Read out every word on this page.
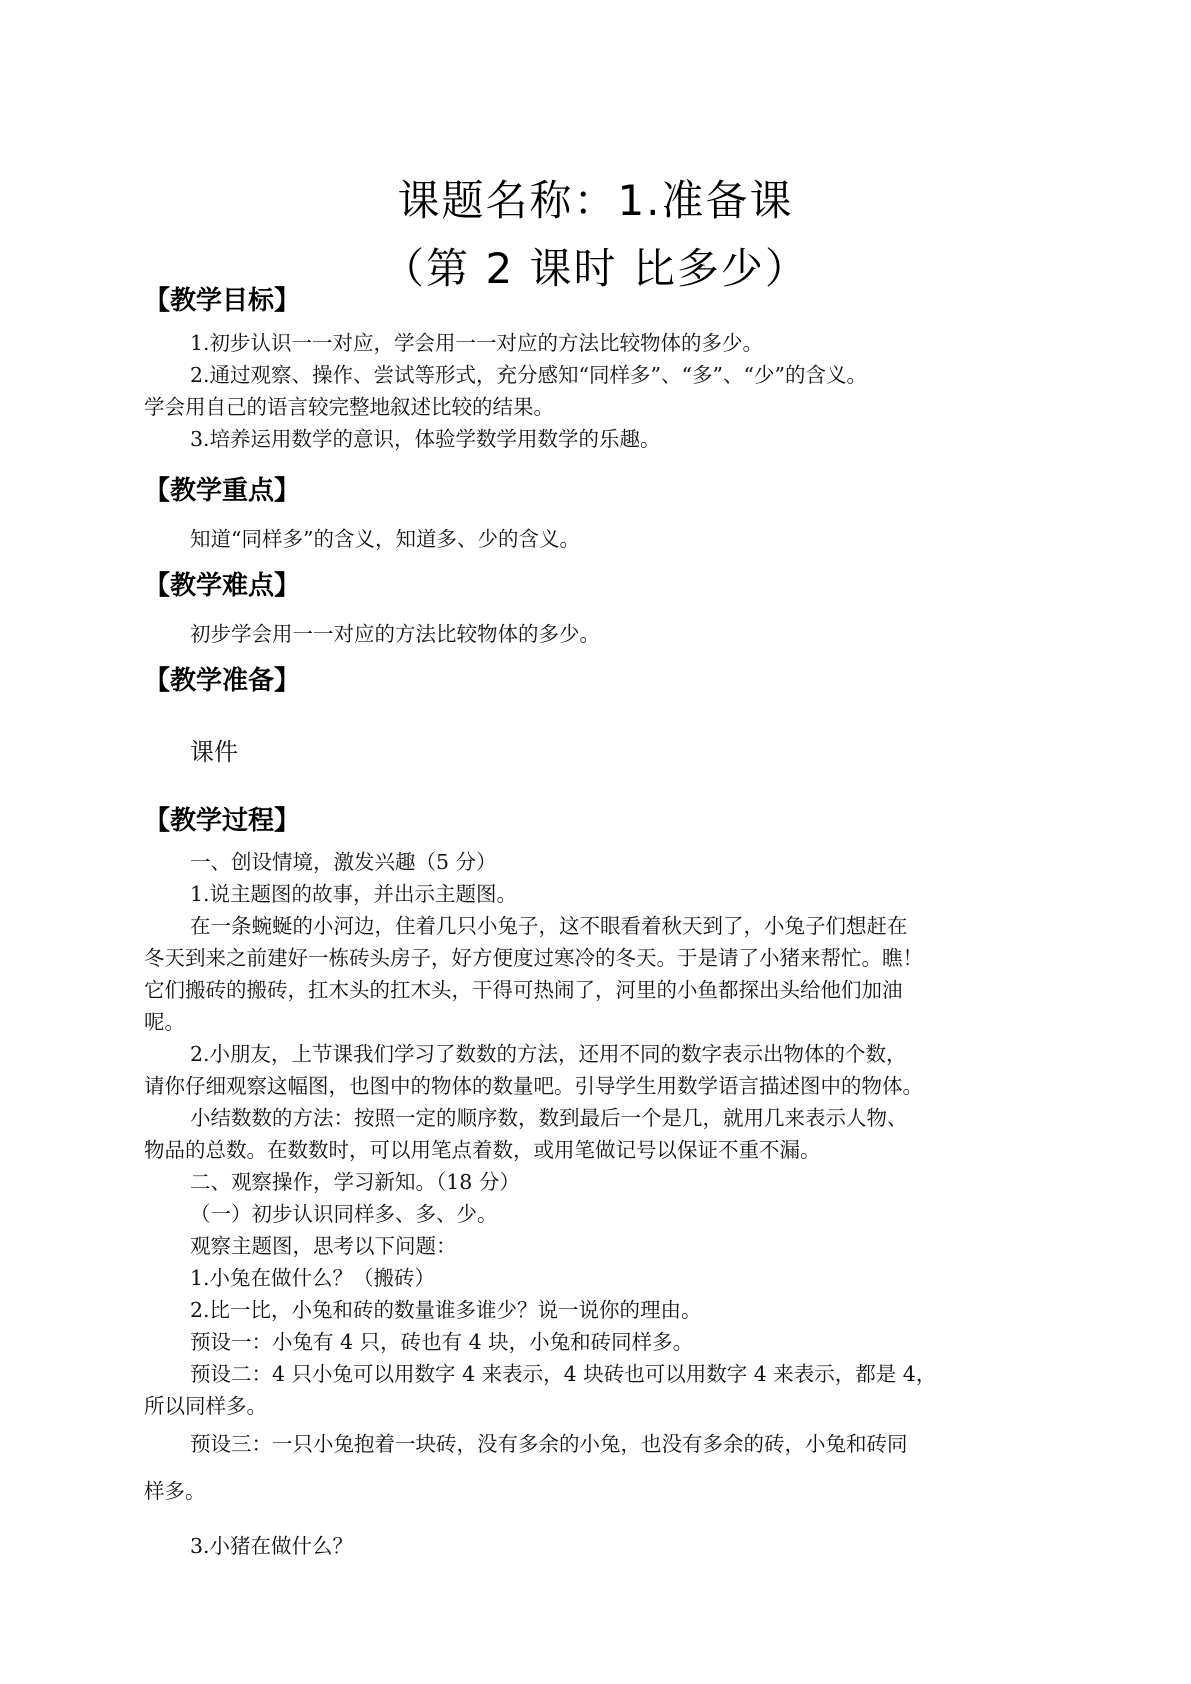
课题名称：1.准备课
（第 2 课时 比多少）
【教学目标】
1.初步认识一一对应，学会用一一对应的方法比较物体的多少。
2.通过观察、操作、尝试等形式，充分感知“同样多”、“多”、“少”的含义。
学会用自己的语言较完整地叙述比较的结果。
3.培养运用数学的意识，体验学数学用数学的乐趣。
【教学重点】
知道“同样多”的含义，知道多、少的含义。
【教学难点】
初步学会用一一对应的方法比较物体的多少。
【教学准备】
课件
【教学过程】
一、创设情境，激发兴趣（5 分）
1.说主题图的故事，并出示主题图。
在一条蜿蜒的小河边，住着几只小兔子，这不眼看着秋天到了，小兔子们想赶在
冬天到来之前建好一栋砖头房子，好方便度过寒冷的冬天。于是请了小猪来帮忙。瞧！
它们搬砖的搬砖，扛木头的扛木头，干得可热闹了，河里的小鱼都探出头给他们加油
呢。
2.小朋友，上节课我们学习了数数的方法，还用不同的数字表示出物体的个数，
请你仔细观察这幅图，也图中的物体的数量吧。引导学生用数学语言描述图中的物体。
小结数数的方法：按照一定的顺序数，数到最后一个是几，就用几来表示人物、
物品的总数。在数数时，可以用笔点着数，或用笔做记号以保证不重不漏。
二、观察操作，学习新知。（18 分）
（一）初步认识同样多、多、少。
观察主题图，思考以下问题：
1.小兔在做什么？（搬砖）
2.比一比，小兔和砖的数量谁多谁少？说一说你的理由。
预设一：小兔有 4 只，砖也有 4 块，小兔和砖同样多。
预设二：4 只小兔可以用数字 4 来表示，4 块砖也可以用数字 4 来表示，都是 4，
所以同样多。
预设三：一只小兔抱着一块砖，没有多余的小兔，也没有多余的砖，小兔和砖同
样多。
3.小猪在做什么？
